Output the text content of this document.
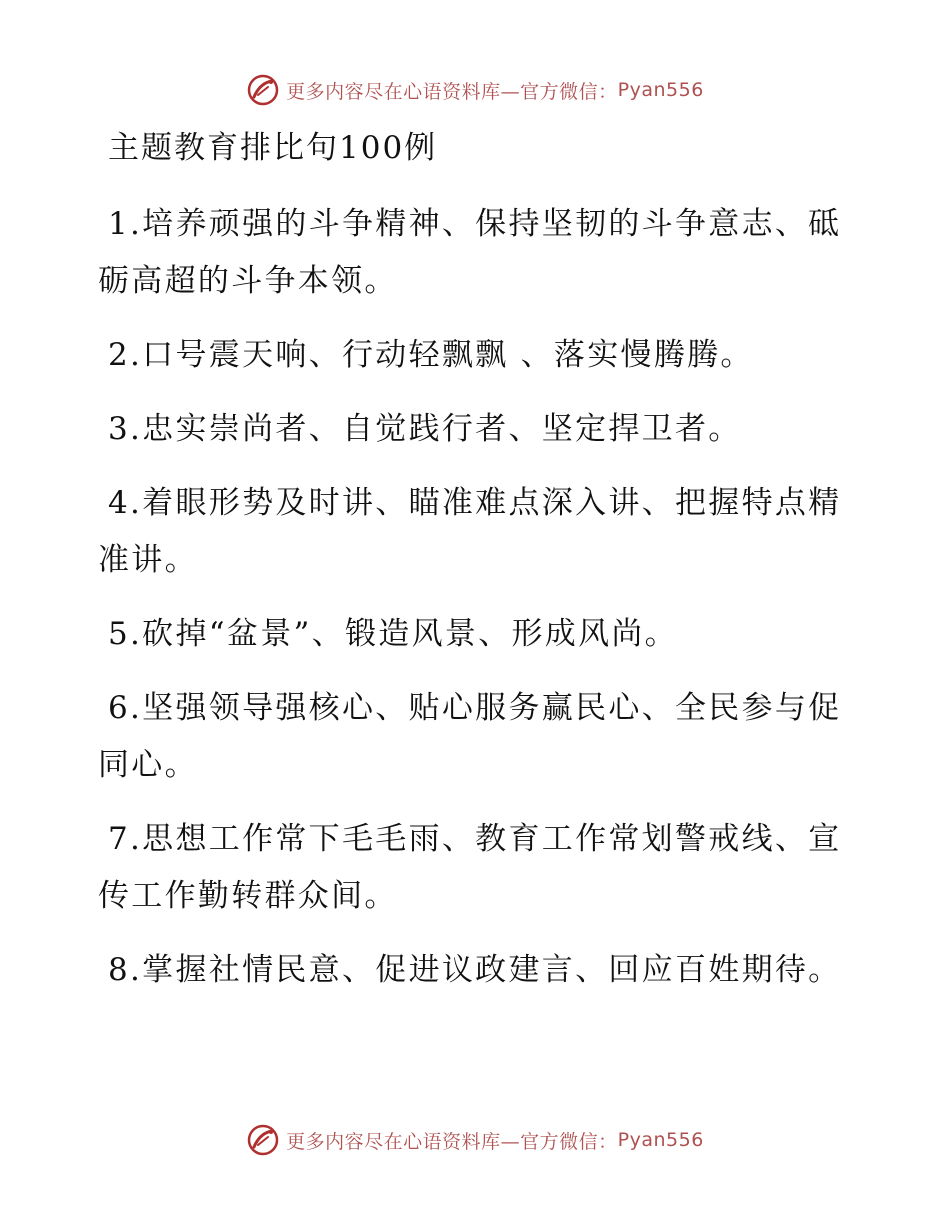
更多内容尽在心语资料库—官方微信： Pyan556
主题教育排比句100例
1.培养顽强的斗争精神、保持坚韧的斗争意志、砥砺高超的斗争本领。
2.口号震天响、行动轻飘飘 、落实慢腾腾。
3.忠实崇尚者、自觉践行者、坚定捍卫者。
4.着眼形势及时讲、瞄准难点深入讲、把握特点精准讲。
5.砍掉“盆景”、锻造风景、形成风尚。
6.坚强领导强核心、贴心服务赢民心、全民参与促同心。
7.思想工作常下毛毛雨、教育工作常划警戒线、宣传工作勤转群众间。
8.掌握社情民意、促进议政建言、回应百姓期待。
更多内容尽在心语资料库—官方微信： Pyan556
